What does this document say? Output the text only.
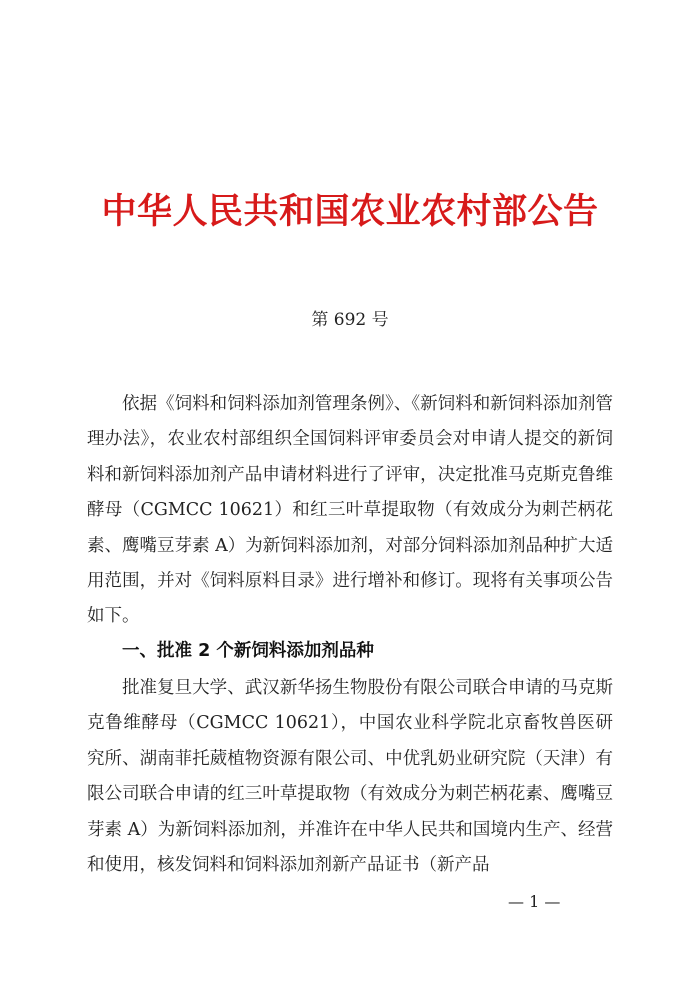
中华人民共和国农业农村部公告
第 692 号
依据《饲料和饲料添加剂管理条例》、《新饲料和新饲料添加剂管理办法》，农业农村部组织全国饲料评审委员会对申请人提交的新饲料和新饲料添加剂产品申请材料进行了评审，决定批准马克斯克鲁维酵母（CGMCC 10621）和红三叶草提取物（有效成分为刺芒柄花素、鹰嘴豆芽素 A）为新饲料添加剂，对部分饲料添加剂品种扩大适用范围，并对《饲料原料目录》进行增补和修订。现将有关事项公告如下。
一、批准 2 个新饲料添加剂品种
批准复旦大学、武汉新华扬生物股份有限公司联合申请的马克斯克鲁维酵母（CGMCC 10621），中国农业科学院北京畜牧兽医研究所、湖南菲托葳植物资源有限公司、中优乳奶业研究院（天津）有限公司联合申请的红三叶草提取物（有效成分为刺芒柄花素、鹰嘴豆芽素 A）为新饲料添加剂，并准许在中华人民共和国境内生产、经营和使用，核发饲料和饲料添加剂新产品证书（新产品
— 1 —
